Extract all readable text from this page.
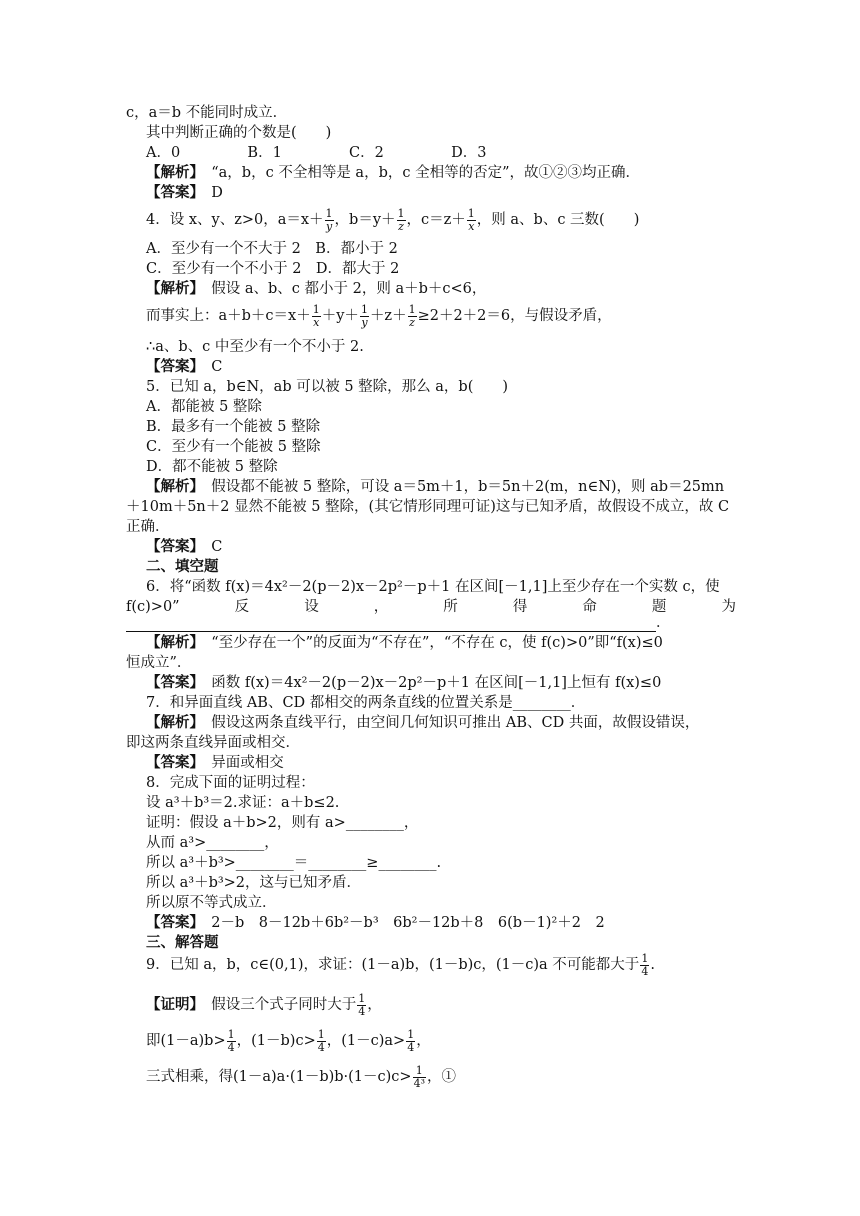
c，a＝b 不能同时成立．
其中判断正确的个数是(　　)
A．0	B．1	C．2	D．3
【解析】　 “a，b，c 不全相等是 a，b，c 全相等的否定”，故①②③均正确．
【答案】　 D
4．设 x、y、z>0，$a=x+ \frac{1}{y}$ ，$b=y+ \frac{1}{z}$ ，$c=z+ \frac{1}{x}$ ，则 a、b、c 三数(　　)
A．至少有一个不大于 2　B．都小于 2
C．至少有一个不小于 2　D．都大于 2
【解析】　 假设 a、b、c 都小于 2，则 a＋b＋c<6，
而事实上：$a+b+c=x+ \frac{1}{x} +y+ \frac{1}{y} +z+ \frac{1}{z} \ge 2+2+2=6$，与假设矛盾，
∴a、b、c 中至少有一个不小于 2.
【答案】　 C
5．已知 a，b∈N，ab 可以被 5 整除，那么 a，b(　　)
A．都能被 5 整除
B．最多有一个能被 5 整除
C．至少有一个能被 5 整除
D．都不能被 5 整除
【解析】　 假设都不能被 5 整除，可设 a＝5m＋1，b＝5n＋2(m，n∈N)，则 ab＝25mn
＋10m＋5n＋2 显然不能被 5 整除，(其它情形同理可证)这与已知矛盾，故假设不成立，故 C
正确．
【答案】　 C
二、填空题
6．将“函数 f(x)＝4x²－2(p－2)x－2p²－p＋1 在区间[－1,1]上至少存在一个实数 c，使
f(c)>0”	反	设	，	所	得	命	题	为
．
【解析】　 “至少存在一个”的反面为“不存在”，“不存在 c，使 f(c)>0”即“f(x)≤0
恒成立”．
【答案】　 函数 f(x)＝4x²－2(p－2)x－2p²－p＋1 在区间[－1,1]上恒有 f(x)≤0
7．和异面直线 AB、CD 都相交的两条直线的位置关系是________．
【解析】　 假设这两条直线平行，由空间几何知识可推出 AB、CD 共面，故假设错误，
即这两条直线异面或相交．
【答案】　 异面或相交
8．完成下面的证明过程：
设 a³＋b³＝2.求证：a＋b≤2.
证明：假设 a＋b>2，则有 a>________，
从而 a³>________，
所以 a³＋b³>________＝________≥________.
所以 a³＋b³>2，这与已知矛盾．
所以原不等式成立．
【答案】　 2－b　8－12b＋6b²－b³　6b²－12b＋8　6(b－1)²＋2　2
三、解答题
9．已知 a，b，c∈(0,1)，求证：(1－a)b，(1－b)c，(1－c)a 不可能都大于 $\frac{1}{4}$ .
【证明】　 假设三个式子同时大于 $\frac{1}{4}$ ，
即$(1-a)b> \frac{1}{4}$ ，$(1-b)c> \frac{1}{4}$ ，$(1-c)a> \frac{1}{4}$ ，
三式相乘，得$(1-a)a\cdot(1-b)b\cdot(1-c)c> \frac{1}{\text{4³}}$ ，①
